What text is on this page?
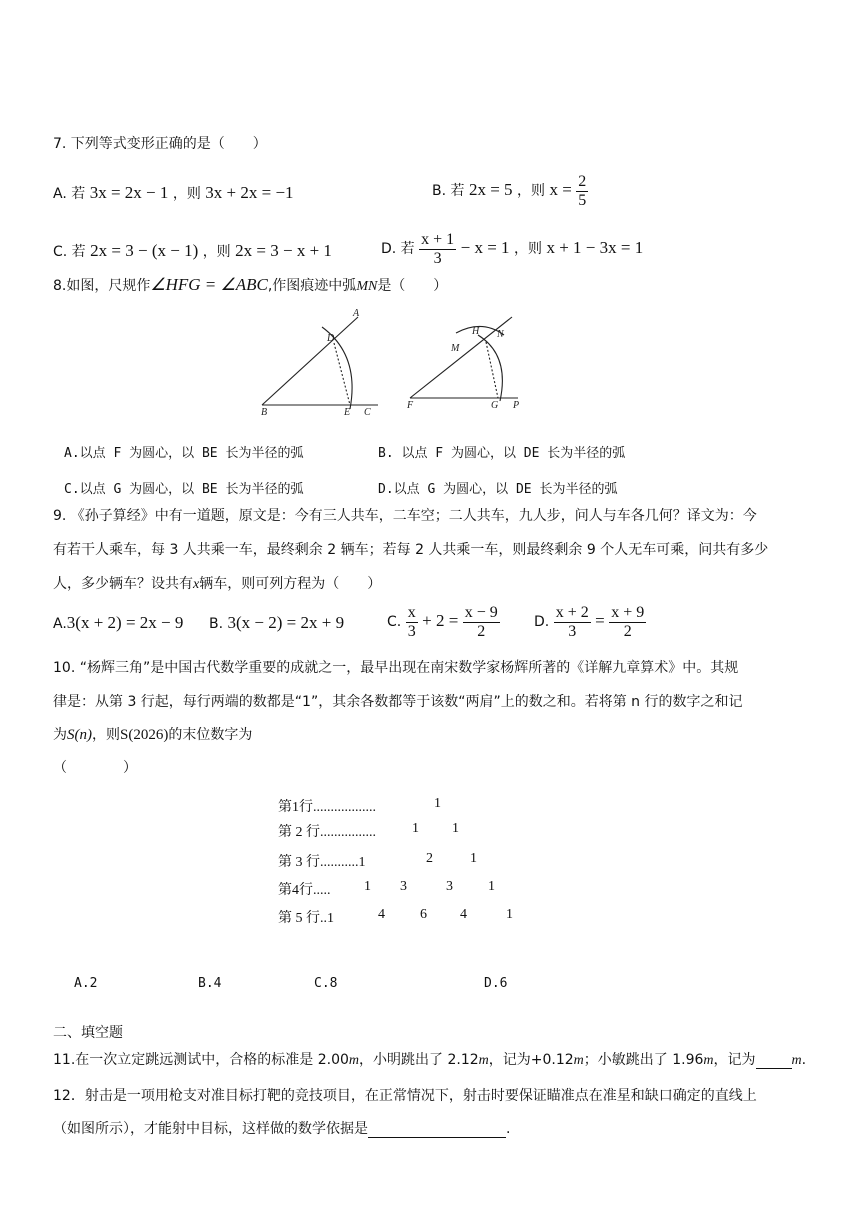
7. 下列等式变形正确的是（　　）
A. 若 3x = 2x − 1 ，则 3x + 2x = −1	B. 若 2x = 5 ，则 $x = \frac{2}{5}$
C. 若 2x = 3 − (x − 1) ，则 2x = 3 − x + 1	D. 若 $\frac{x + 1}{3} - x = 1$ ，则 x + 1 − 3x = 1
8.如图，尺规作∠HFG = ∠ABC,作图痕迹中弧MN是（　　）
A
D
B	E C
H N
M
F	G P
A.以点 F 为圆心，以 BE 长为半径的弧	B. 以点 F 为圆心，以 DE 长为半径的弧
C.以点 G 为圆心，以 BE 长为半径的弧	D.以点 G 为圆心，以 DE 长为半径的弧
9. 《孙子算经》中有一道题，原文是：今有三人共车，二车空；二人共车，九人步，问人与车各几何？译文为：今
有若干人乘车，每 3 人共乘一车，最终剩余 2 辆车；若每 2 人共乘一车，则最终剩余 9 个人无车可乘，问共有多少
人，多少辆车？设共有x辆车，则可列方程为（　　）
A.3(x + 2) = 2x − 9 B. 3(x − 2) = 2x + 9	C. $\frac{x}{3} + 2 = \frac{x - 9}{2} D$. $\frac{x + 2}{3} = \frac{x + 9}{2}$
10. “杨辉三角”是中国古代数学重要的成就之一，最早出现在南宋数学家杨辉所著的《详解九章算术》中。其规
律是：从第 3 行起，每行两端的数都是“1”，其余各数都等于该数“两肩”上的数之和。若将第 n 行的数字之和记
为S(n)，则S(2026)的末位数字为
（　　　　）
第1行..................	1
第 2 行................	1 1
第 3 行...........1	2	1
第4行..... 1 3	3	1
第 5 行..1	4	6 4	1
A.2	B.4	C.8	D.6
二、填空题
11.在一次立定跳远测试中，合格的标准是 2.00m，小明跳出了 2.12m，记为+0.12m；小敏跳出了 1.96m，记为	m.
12．射击是一项用枪支对准目标打靶的竞技项目，在正常情况下，射击时要保证瞄准点在准星和缺口确定的直线上
（如图所示），才能射中目标，这样做的数学依据是	.
